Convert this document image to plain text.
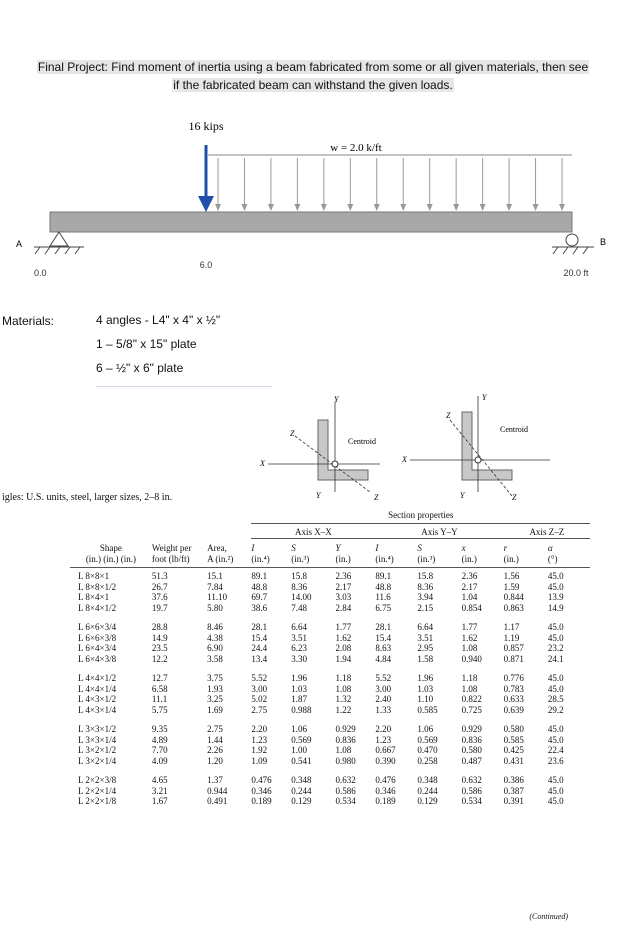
Final Project: Find moment of inertia using a beam fabricated from some or all given materials, then see
if the fabricated beam can withstand the given loads.
16 kips
w = 2.0 k/ft
A	B
0.0
6.0
20.0 ft
Materials:	4 angles - L4" x 4" x ½"
1 – 5/8" x 15" plate
6 – ½" x 6" plate
Y
X
Z
Z
Y
Centroid
Y
X
Z
Z
Y
Centroid
igles: U.S. units, steel, larger sizes, 2–8 in.
			Section properties							
			Axis X–X			Axis Y–Y			Axis Z–Z	
Shape	Weight per	Area,	I	S	Y	I	S	x	r	α
(in.) (in.) (in.)	foot (lb/ft)	A (in.²)	(in.⁴)	(in.³)	(in.)	(in.⁴)	(in.³)	(in.)	(in.)	(°)
L 8×8×1	51.3	15.1	89.1	15.8	2.36	89.1	15.8	2.36	1.56	45.0
L 8×8×1/2	26.7	7.84	48.8	8.36	2.17	48.8	8.36	2.17	1.59	45.0
L 8×4×1	37.6	11.10	69.7	14.00	3.03	11.6	3.94	1.04	0.844	13.9
L 8×4×1/2	19.7	5.80	38.6	7.48	2.84	6.75	2.15	0.854	0.863	14.9
L 6×6×3/4	28.8	8.46	28.1	6.64	1.77	28.1	6.64	1.77	1.17	45.0
L 6×6×3/8	14.9	4.38	15.4	3.51	1.62	15.4	3.51	1.62	1.19	45.0
L 6×4×3/4	23.5	6.90	24.4	6.23	2.08	8.63	2.95	1.08	0.857	23.2
L 6×4×3/8	12.2	3.58	13.4	3.30	1.94	4.84	1.58	0.940	0.871	24.1
L 4×4×1/2	12.7	3.75	5.52	1.96	1.18	5.52	1.96	1.18	0.776	45.0
L 4×4×1/4	6.58	1.93	3.00	1.03	1.08	3.00	1.03	1.08	0.783	45.0
L 4×3×1/2	11.1	3.25	5.02	1.87	1.32	2.40	1.10	0.822	0.633	28.5
L 4×3×1/4	5.75	1.69	2.75	0.988	1.22	1.33	0.585	0.725	0.639	29.2
L 3×3×1/2	9.35	2.75	2.20	1.06	0.929	2.20	1.06	0.929	0.580	45.0
L 3×3×1/4	4.89	1.44	1.23	0.569	0.836	1.23	0.569	0.836	0.585	45.0
L 3×2×1/2	7.70	2.26	1.92	1.00	1.08	0.667	0.470	0.580	0.425	22.4
L 3×2×1/4	4.09	1.20	1.09	0.541	0.980	0.390	0.258	0.487	0.431	23.6
L 2×2×3/8	4.65	1.37	0.476	0.348	0.632	0.476	0.348	0.632	0.386	45.0
L 2×2×1/4	3.21	0.944	0.346	0.244	0.586	0.346	0.244	0.586	0.387	45.0
L 2×2×1/8	1.67	0.491	0.189	0.129	0.534	0.189	0.129	0.534	0.391	45.0
(Continued)
